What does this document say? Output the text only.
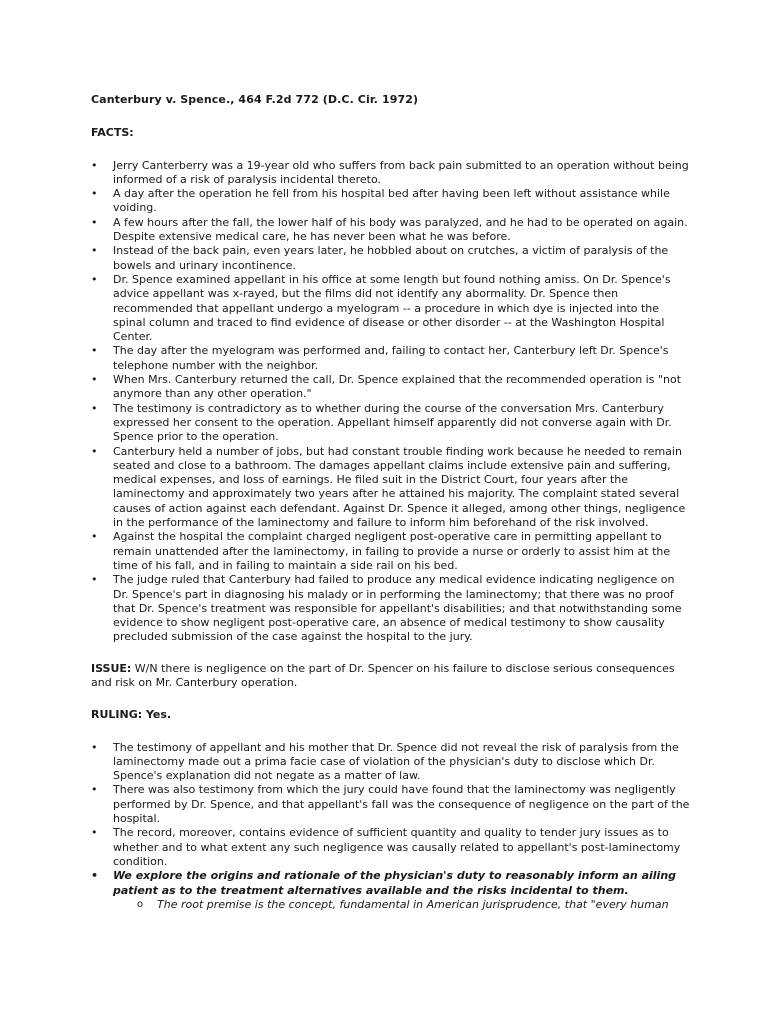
Canterbury v. Spence., 464 F.2d 772 (D.C. Cir. 1972)
FACTS:
• Jerry Canterberry was a 19-year old who suffers from back pain submitted to an operation without being informed of a risk of paralysis incidental thereto.
• A day after the operation he fell from his hospital bed after having been left without assistance while voiding.
• A few hours after the fall, the lower half of his body was paralyzed, and he had to be operated on again. Despite extensive medical care, he has never been what he was before.
• Instead of the back pain, even years later, he hobbled about on crutches, a victim of paralysis of the bowels and urinary incontinence.
• Dr. Spence examined appellant in his office at some length but found nothing amiss. On Dr. Spence's advice appellant was x-rayed, but the films did not identify any abormality. Dr. Spence then recommended that appellant undergo a myelogram -- a procedure in which dye is injected into the spinal column and traced to find evidence of disease or other disorder -- at the Washington Hospital Center.
• The day after the myelogram was performed and, failing to contact her, Canterbury left Dr. Spence's telephone number with the neighbor.
• When Mrs. Canterbury returned the call, Dr. Spence explained that the recommended operation is "not anymore than any other operation."
• The testimony is contradictory as to whether during the course of the conversation Mrs. Canterbury expressed her consent to the operation. Appellant himself apparently did not converse again with Dr. Spence prior to the operation.
• Canterbury held a number of jobs, but had constant trouble finding work because he needed to remain seated and close to a bathroom. The damages appellant claims include extensive pain and suffering, medical expenses, and loss of earnings. He filed suit in the District Court, four years after the laminectomy and approximately two years after he attained his majority. The complaint stated several causes of action against each defendant. Against Dr. Spence it alleged, among other things, negligence in the performance of the laminectomy and failure to inform him beforehand of the risk involved.
• Against the hospital the complaint charged negligent post-operative care in permitting appellant to remain unattended after the laminectomy, in failing to provide a nurse or orderly to assist him at the time of his fall, and in failing to maintain a side rail on his bed.
• The judge ruled that Canterbury had failed to produce any medical evidence indicating negligence on Dr. Spence's part in diagnosing his malady or in performing the laminectomy; that there was no proof that Dr. Spence's treatment was responsible for appellant's disabilities; and that notwithstanding some evidence to show negligent post-operative care, an absence of medical testimony to show causality precluded submission of the case against the hospital to the jury.
ISSUE: W/N there is negligence on the part of Dr. Spencer on his failure to disclose serious consequences and risk on Mr. Canterbury operation.
RULING: Yes.
• The testimony of appellant and his mother that Dr. Spence did not reveal the risk of paralysis from the laminectomy made out a prima facie case of violation of the physician's duty to disclose which Dr. Spence's explanation did not negate as a matter of law.
• There was also testimony from which the jury could have found that the laminectomy was negligently performed by Dr. Spence, and that appellant's fall was the consequence of negligence on the part of the hospital.
• The record, moreover, contains evidence of sufficient quantity and quality to tender jury issues as to whether and to what extent any such negligence was causally related to appellant's post-laminectomy condition.
• We explore the origins and rationale of the physician's duty to reasonably inform an ailing patient as to the treatment alternatives available and the risks incidental to them.
o The root premise is the concept, fundamental in American jurisprudence, that "every human
